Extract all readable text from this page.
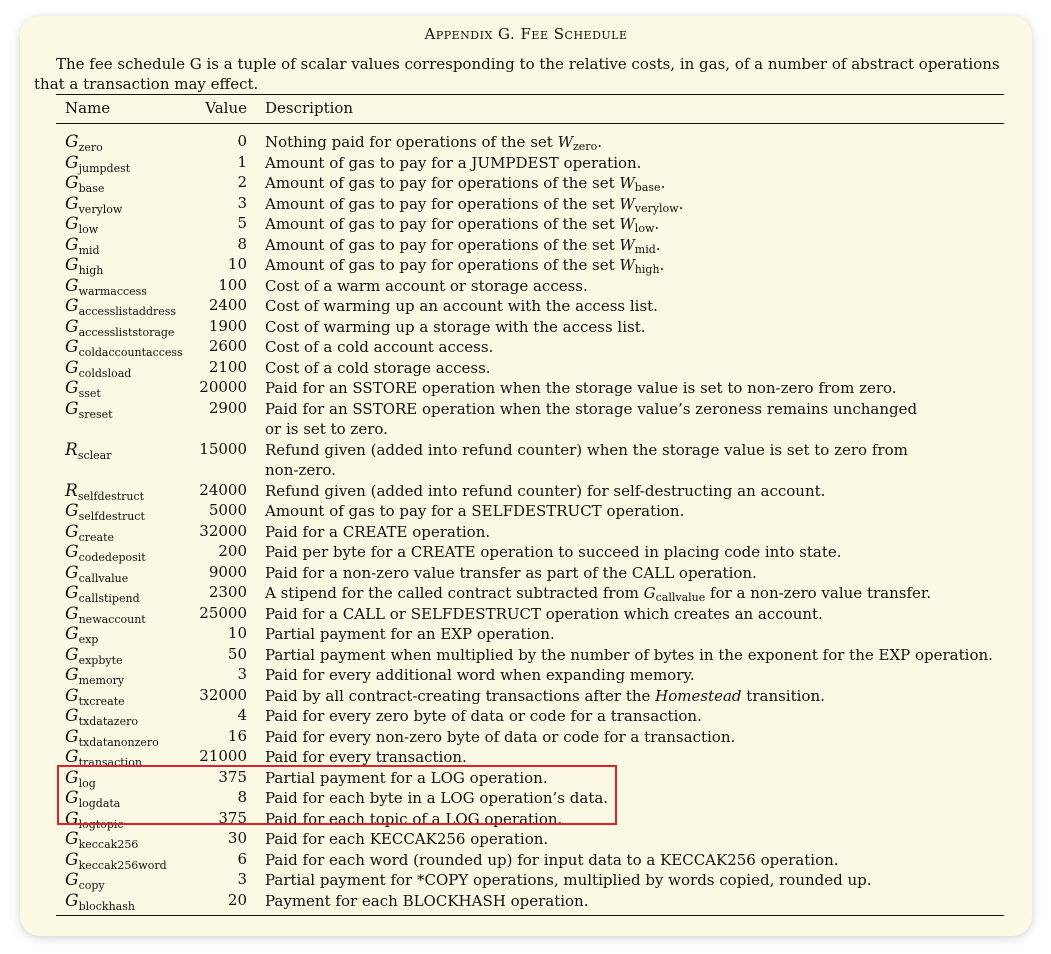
Appendix G. Fee Schedule

The fee schedule G is a tuple of scalar values corresponding to the relative costs, in gas, of a number of abstract operations that a transaction may effect.

Name	Value Description
$G_{zero}$	0 Nothing paid for operations of the set $W_{zero}$.
$G_{jumpdest}$	1 Amount of gas to pay for a JUMPDEST operation.
$G_{base}$	2 Amount of gas to pay for operations of the set $W_{base}$.
$G_{verylow}$	3 Amount of gas to pay for operations of the set $W_{verylow}$.
$G_{low}$	5 Amount of gas to pay for operations of the set $W_{low}$.
$G_{mid}$	8 Amount of gas to pay for operations of the set $W_{mid}$.
$G_{high}$	10 Amount of gas to pay for operations of the set $W_{high}$.
$G_{warmaccess}$	100 Cost of a warm account or storage access.
$G_{accesslistaddress}$ 2400 Cost of warming up an account with the access list.
$G_{accessliststorage}$ 1900 Cost of warming up a storage with the access list.
$G_{coldaccountaccess}$ 2600 Cost of a cold account access.
$G_{coldsload}$	2100 Cost of a cold storage access.
$G_{sset}$	20000 Paid for an SSTORE operation when the storage value is set to non-zero from zero.
$G_{sreset}$	2900 Paid for an SSTORE operation when the storage value’s zeroness remains unchanged or is set to zero.
$R_{sclear}$	15000 Refund given (added into refund counter) when the storage value is set to zero from non-zero.
$R_{selfdestruct}$	24000 Refund given (added into refund counter) for self-destructing an account.
$G_{selfdestruct}$	5000 Amount of gas to pay for a SELFDESTRUCT operation.
$G_{create}$	32000 Paid for a CREATE operation.
$G_{codedeposit}$	200 Paid per byte for a CREATE operation to succeed in placing code into state.
$G_{callvalue}$	9000 Paid for a non-zero value transfer as part of the CALL operation.
$G_{callstipend}$	2300 A stipend for the called contract subtracted from $G_{callvalue}$ for a non-zero value transfer.
$G_{newaccount}$	25000 Paid for a CALL or SELFDESTRUCT operation which creates an account.
$G_{exp}$	10 Partial payment for an EXP operation.
$G_{expbyte}$	50 Partial payment when multiplied by the number of bytes in the exponent for the EXP operation.
$G_{memory}$	3 Paid for every additional word when expanding memory.
$G_{txcreate}$	32000 Paid by all contract-creating transactions after the Homestead transition.
$G_{txdatazero}$	4 Paid for every zero byte of data or code for a transaction.
$G_{txdatanonzero}$	16 Paid for every non-zero byte of data or code for a transaction.
$G_{transaction}$	21000 Paid for every transaction.
$G_{log}$	375 Partial payment for a LOG operation.
$G_{logdata}$	8 Paid for each byte in a LOG operation’s data.
$G_{logtopic}$	375 Paid for each topic of a LOG operation.
$G_{keccak256}$	30 Paid for each KECCAK256 operation.
$G_{keccak256word}$	6 Paid for each word (rounded up) for input data to a KECCAK256 operation.
$G_{copy}$	3 Partial payment for *COPY operations, multiplied by words copied, rounded up.
$G_{blockhash}$	20 Payment for each BLOCKHASH operation.
